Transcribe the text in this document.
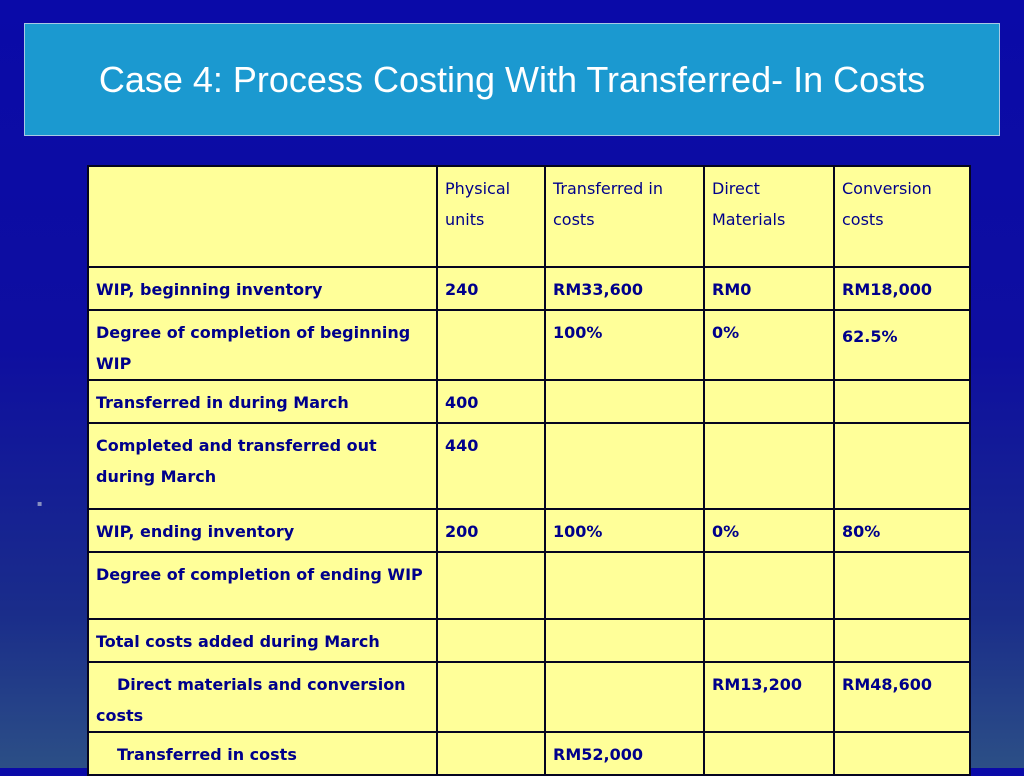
Case 4: Process Costing With Transferred- In Costs
▪
	Physical units	Transferred in costs	Direct Materials	Conversion costs
WIP, beginning inventory	240	RM33,600	RM0	RM18,000
Degree of completion of beginning WIP		100%	0%	62.5%
Transferred in during March	400			
Completed and transferred out during March	440			
WIP, ending inventory	200	100%	0%	80%
Degree of completion of ending WIP				
Total costs added during March				
Direct materials and conversion costs			RM13,200	RM48,600
Transferred in costs		RM52,000		
